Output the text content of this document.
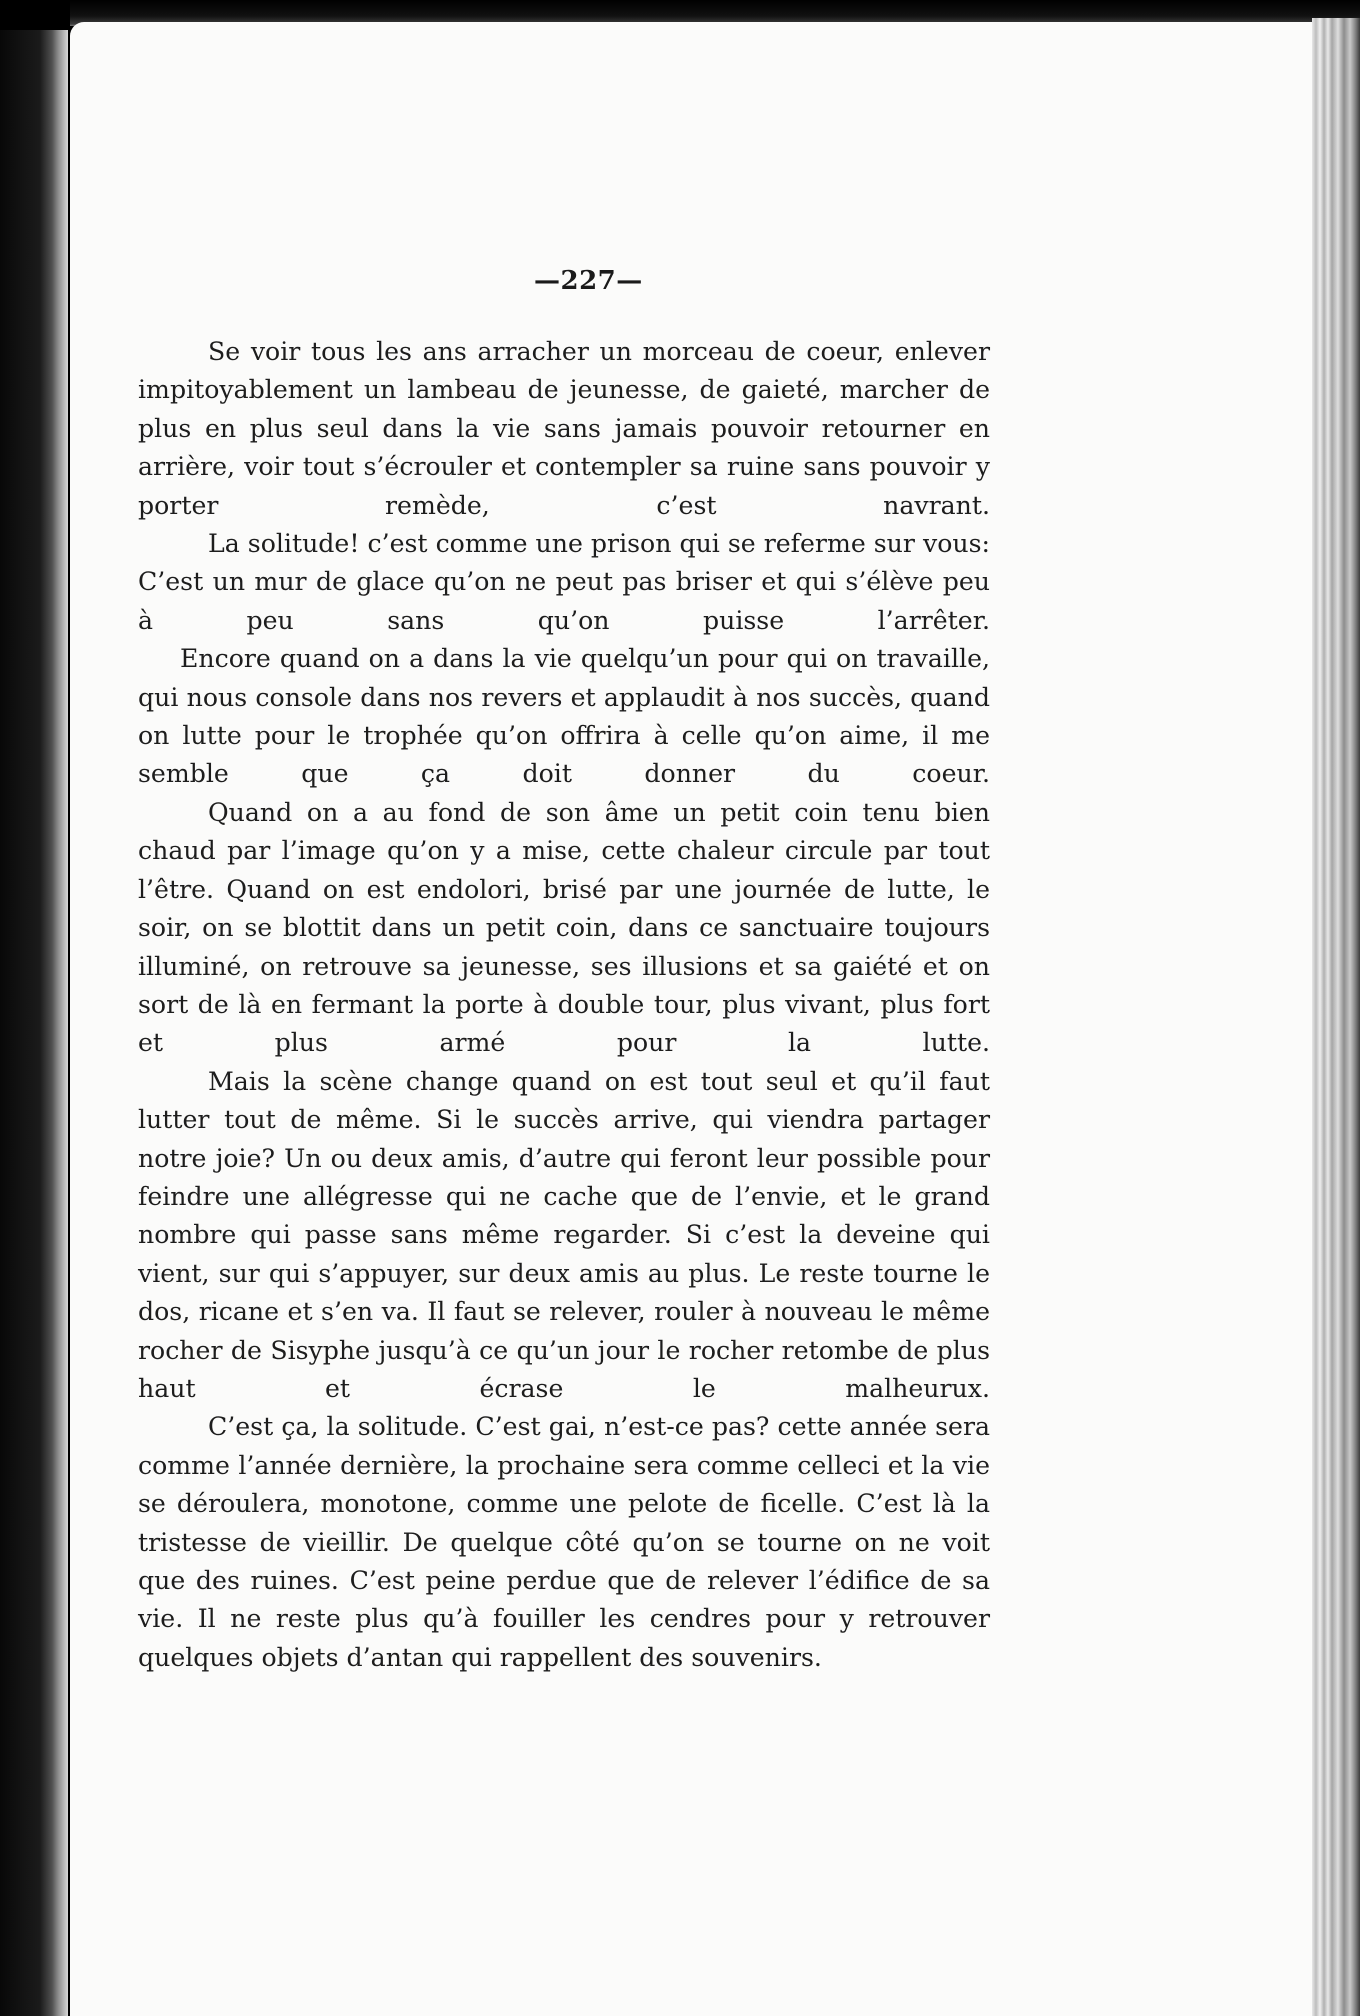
—227—

Se voir tous les ans arracher un morceau de coeur, enlever impitoyablement un lambeau de jeunesse, de gaieté, marcher de plus en plus seul dans la vie sans jamais pouvoir retourner en arrière, voir tout s’écrouler et contempler sa ruine sans pouvoir y porter remède, c’est navrant.

La solitude! c’est comme une prison qui se referme sur vous: C’est un mur de glace qu’on ne peut pas briser et qui s’élève peu à peu sans qu’on puisse l’arrêter.

Encore quand on a dans la vie quelqu’un pour qui on travaille, qui nous console dans nos revers et applaudit à nos succès, quand on lutte pour le trophée qu’on offrira à celle qu’on aime, il me semble que ça doit donner du coeur.

Quand on a au fond de son âme un petit coin tenu bien chaud par l’image qu’on y a mise, cette chaleur circule par tout l’être. Quand on est endolori, brisé par une journée de lutte, le soir, on se blottit dans un petit coin, dans ce sanctuaire toujours illuminé, on retrouve sa jeunesse, ses illusions et sa gaiété et on sort de là en fermant la porte à double tour, plus vivant, plus fort et plus armé pour la lutte.

Mais la scène change quand on est tout seul et qu’il faut lutter tout de même. Si le succès arrive, qui viendra partager notre joie? Un ou deux amis, d’autre qui feront leur possible pour feindre une allégresse qui ne cache que de l’envie, et le grand nombre qui passe sans même regarder. Si c’est la deveine qui vient, sur qui s’appuyer, sur deux amis au plus. Le reste tourne le dos, ricane et s’en va. Il faut se relever, rouler à nouveau le même rocher de Sisyphe jusqu’à ce qu’un jour le rocher retombe de plus haut et écrase le malheurux.

C’est ça, la solitude. C’est gai, n’est-ce pas? cette année sera comme l’année dernière, la prochaine sera comme celleci et la vie se déroulera, monotone, comme une pelote de ficelle. C’est là la tristesse de vieillir. De quelque côté qu’on se tourne on ne voit que des ruines. C’est peine perdue que de relever l’édifice de sa vie. Il ne reste plus qu’à fouiller les cendres pour y retrouver quelques objets d’antan qui rappellent des souvenirs.
